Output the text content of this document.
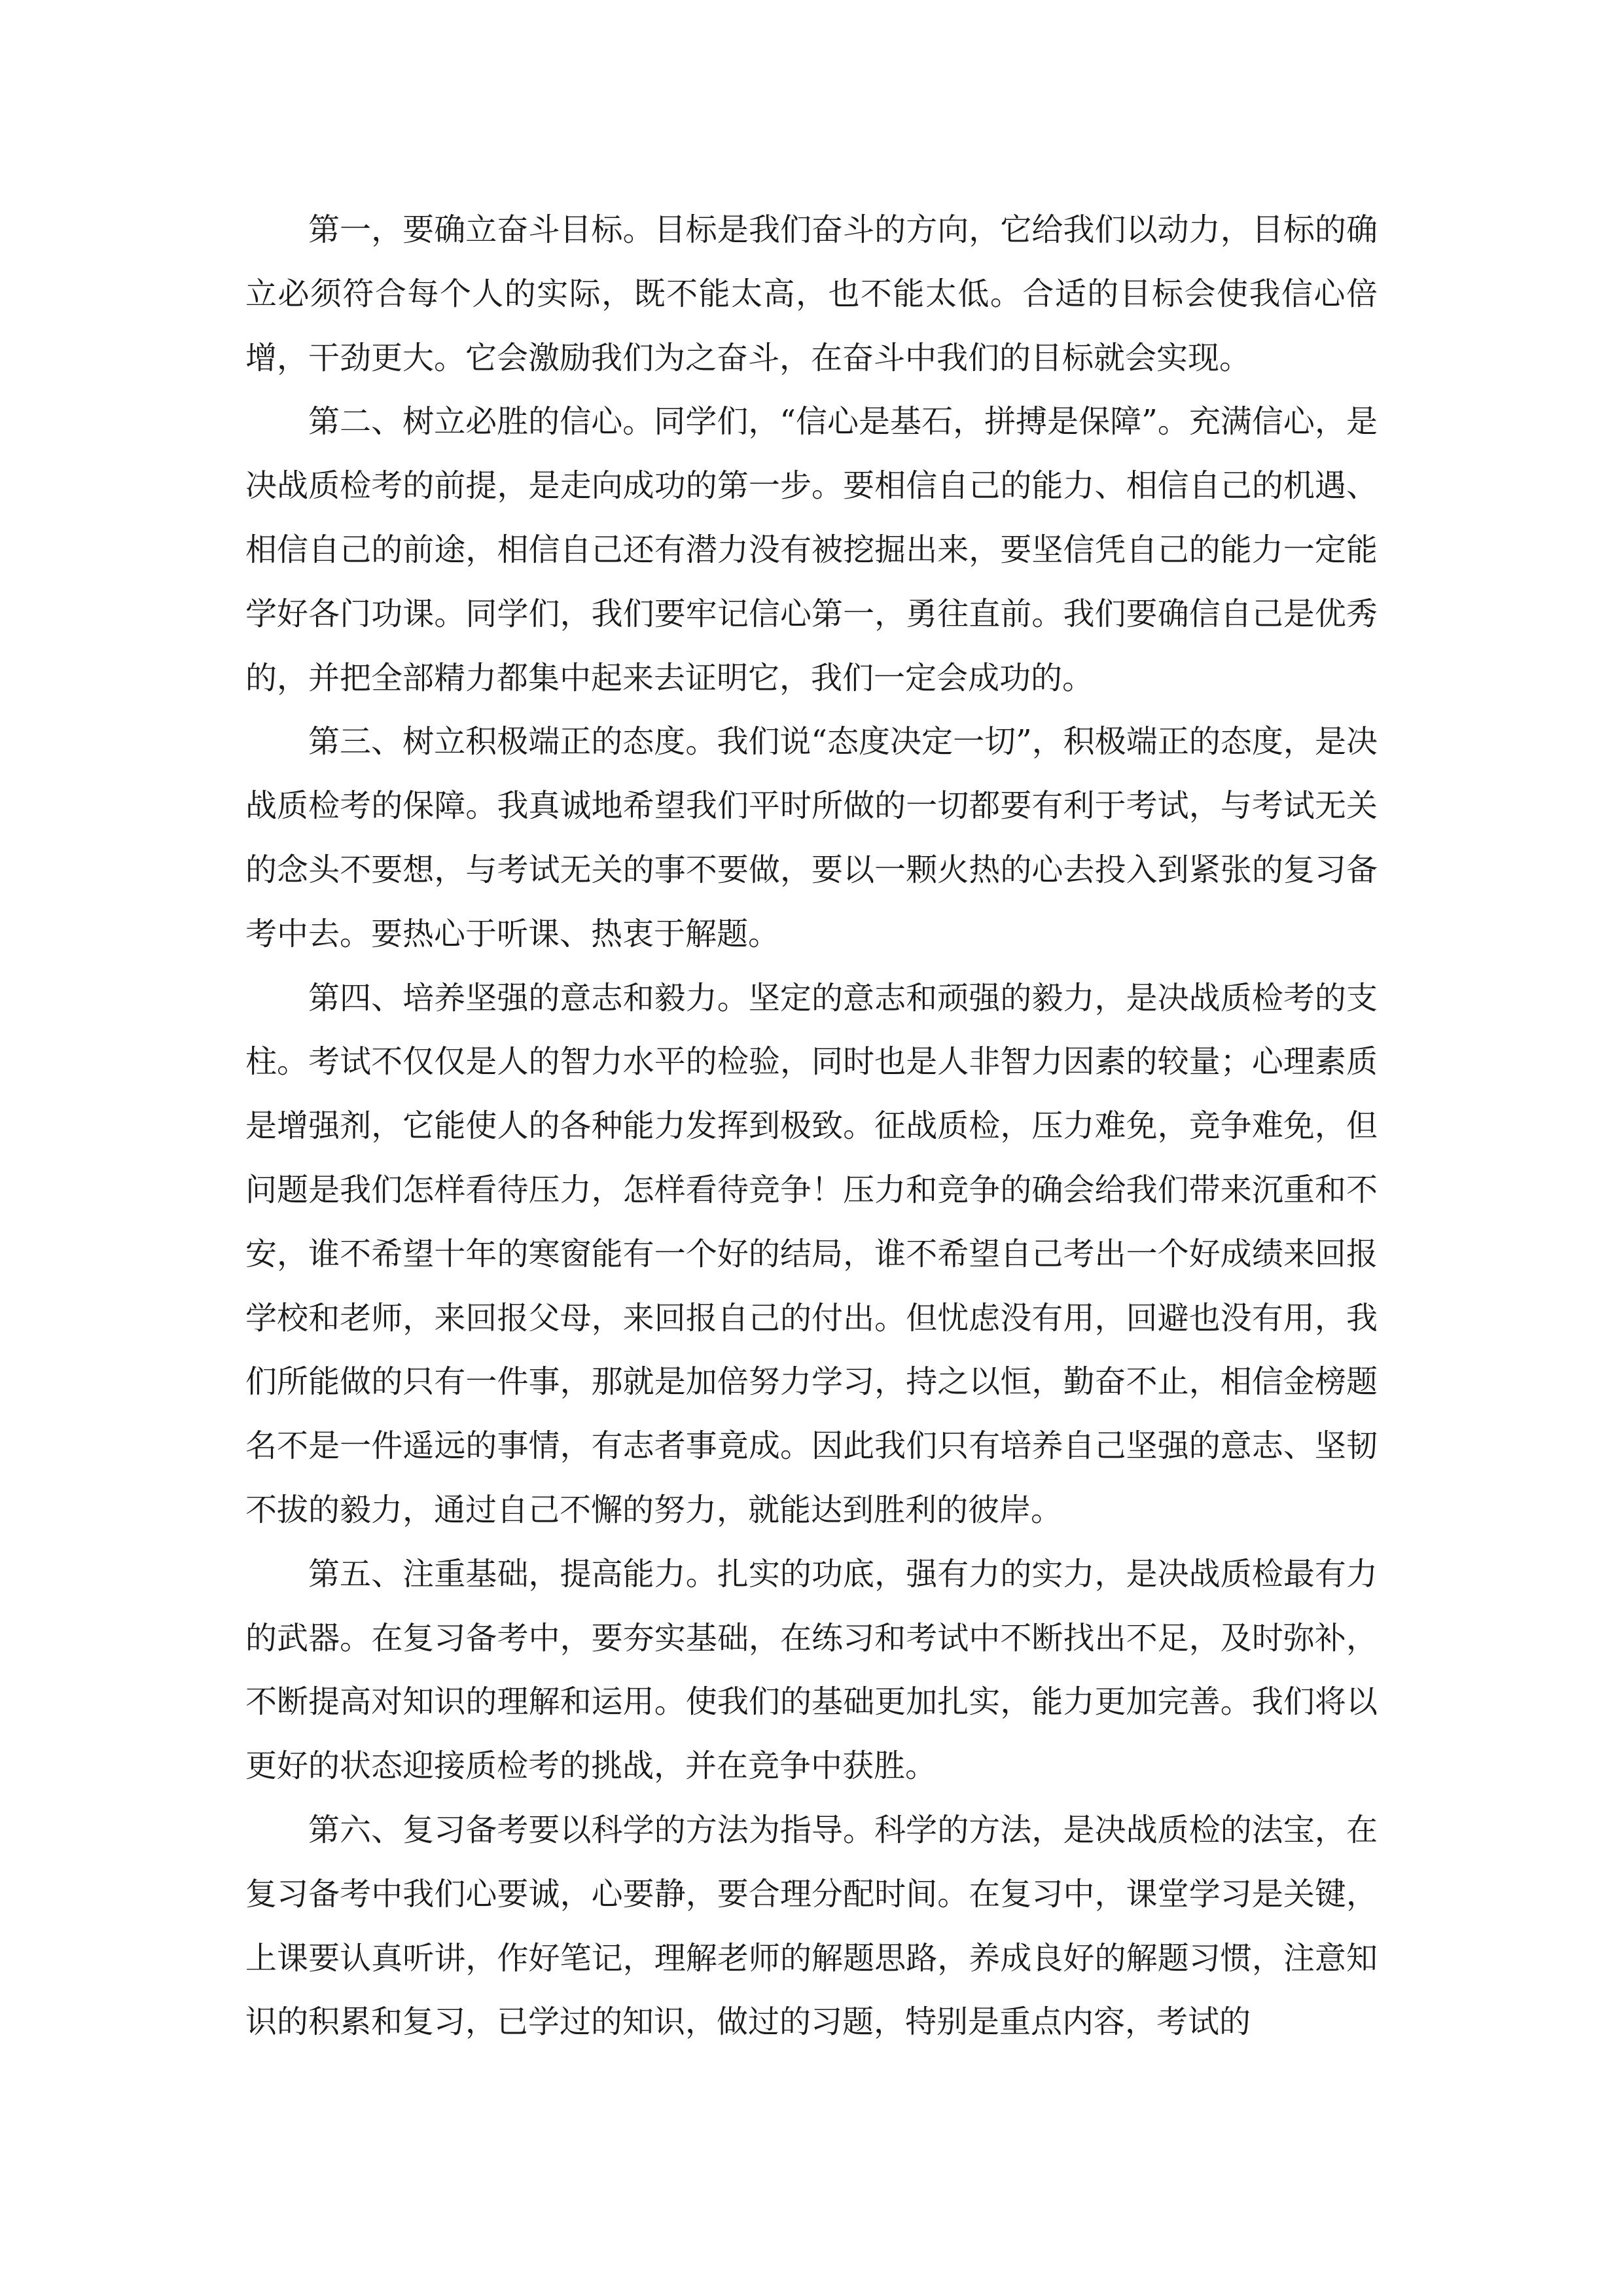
第一，要确立奋斗目标。目标是我们奋斗的方向，它给我们以动力，目标的确立必须符合每个人的实际，既不能太高，也不能太低。合适的目标会使我信心倍增，干劲更大。它会激励我们为之奋斗，在奋斗中我们的目标就会实现。

第二、树立必胜的信心。同学们，“信心是基石，拼搏是保障”。充满信心，是决战质检考的前提，是走向成功的第一步。要相信自己的能力、相信自己的机遇、相信自己的前途，相信自己还有潜力没有被挖掘出来，要坚信凭自己的能力一定能学好各门功课。同学们，我们要牢记信心第一，勇往直前。我们要确信自己是优秀的，并把全部精力都集中起来去证明它，我们一定会成功的。

第三、树立积极端正的态度。我们说“态度决定一切”，积极端正的态度，是决战质检考的保障。我真诚地希望我们平时所做的一切都要有利于考试，与考试无关的念头不要想，与考试无关的事不要做，要以一颗火热的心去投入到紧张的复习备考中去。要热心于听课、热衷于解题。

第四、培养坚强的意志和毅力。坚定的意志和顽强的毅力，是决战质检考的支柱。考试不仅仅是人的智力水平的检验，同时也是人非智力因素的较量；心理素质是增强剂，它能使人的各种能力发挥到极致。征战质检，压力难免，竞争难免，但问题是我们怎样看待压力，怎样看待竞争！压力和竞争的确会给我们带来沉重和不安，谁不希望十年的寒窗能有一个好的结局，谁不希望自己考出一个好成绩来回报学校和老师，来回报父母，来回报自己的付出。但忧虑没有用，回避也没有用，我们所能做的只有一件事，那就是加倍努力学习，持之以恒，勤奋不止，相信金榜题名不是一件遥远的事情，有志者事竟成。因此我们只有培养自己坚强的意志、坚韧不拔的毅力，通过自己不懈的努力，就能达到胜利的彼岸。

第五、注重基础，提高能力。扎实的功底，强有力的实力，是决战质检最有力的武器。在复习备考中，要夯实基础，在练习和考试中不断找出不足，及时弥补，不断提高对知识的理解和运用。使我们的基础更加扎实，能力更加完善。我们将以更好的状态迎接质检考的挑战，并在竞争中获胜。

第六、复习备考要以科学的方法为指导。科学的方法，是决战质检的法宝，在复习备考中我们心要诚，心要静，要合理分配时间。在复习中，课堂学习是关键，上课要认真听讲，作好笔记，理解老师的解题思路，养成良好的解题习惯，注意知识的积累和复习，已学过的知识，做过的习题，特别是重点内容，考试的
